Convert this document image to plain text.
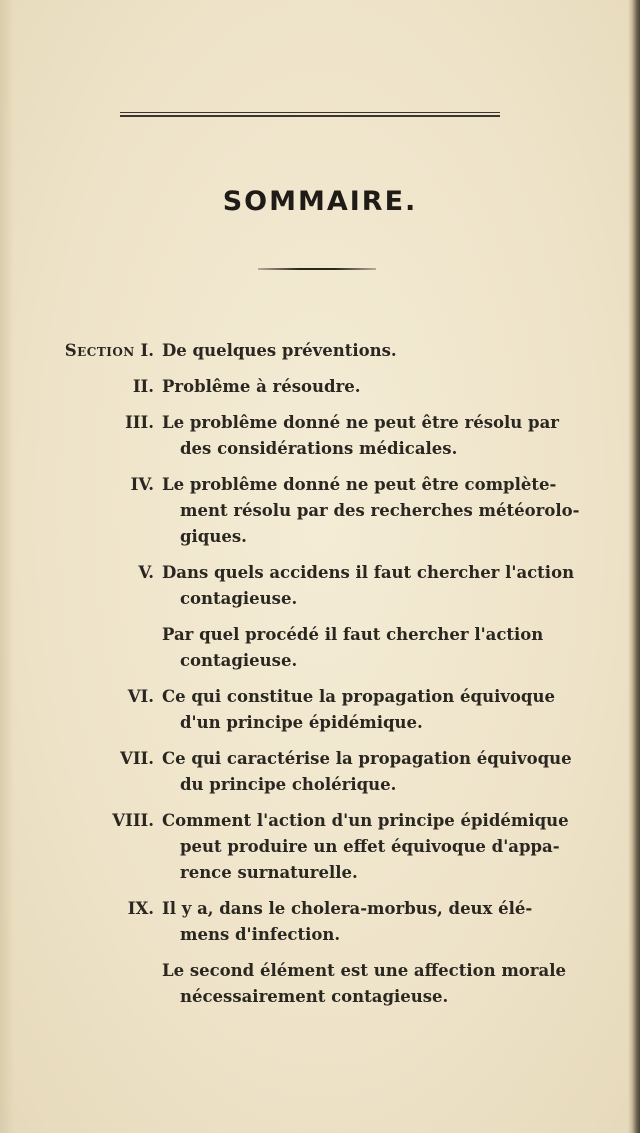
SOMMAIRE.
Section I. De quelques préventions.
II. Problême à résoudre.
III. Le problême donné ne peut être résolu par
des considérations médicales.
IV. Le problême donné ne peut être complète-
ment résolu par des recherches météorolo-
giques.
V. Dans quels accidens il faut chercher l'action
contagieuse.
Par quel procédé il faut chercher l'action
contagieuse.
VI. Ce qui constitue la propagation équivoque
d'un principe épidémique.
VII. Ce qui caractérise la propagation équivoque
du principe cholérique.
VIII. Comment l'action d'un principe épidémique
peut produire un effet équivoque d'appa-
rence surnaturelle.
IX. Il y a, dans le cholera-morbus, deux élé-
mens d'infection.
Le second élément est une affection morale
nécessairement contagieuse.
